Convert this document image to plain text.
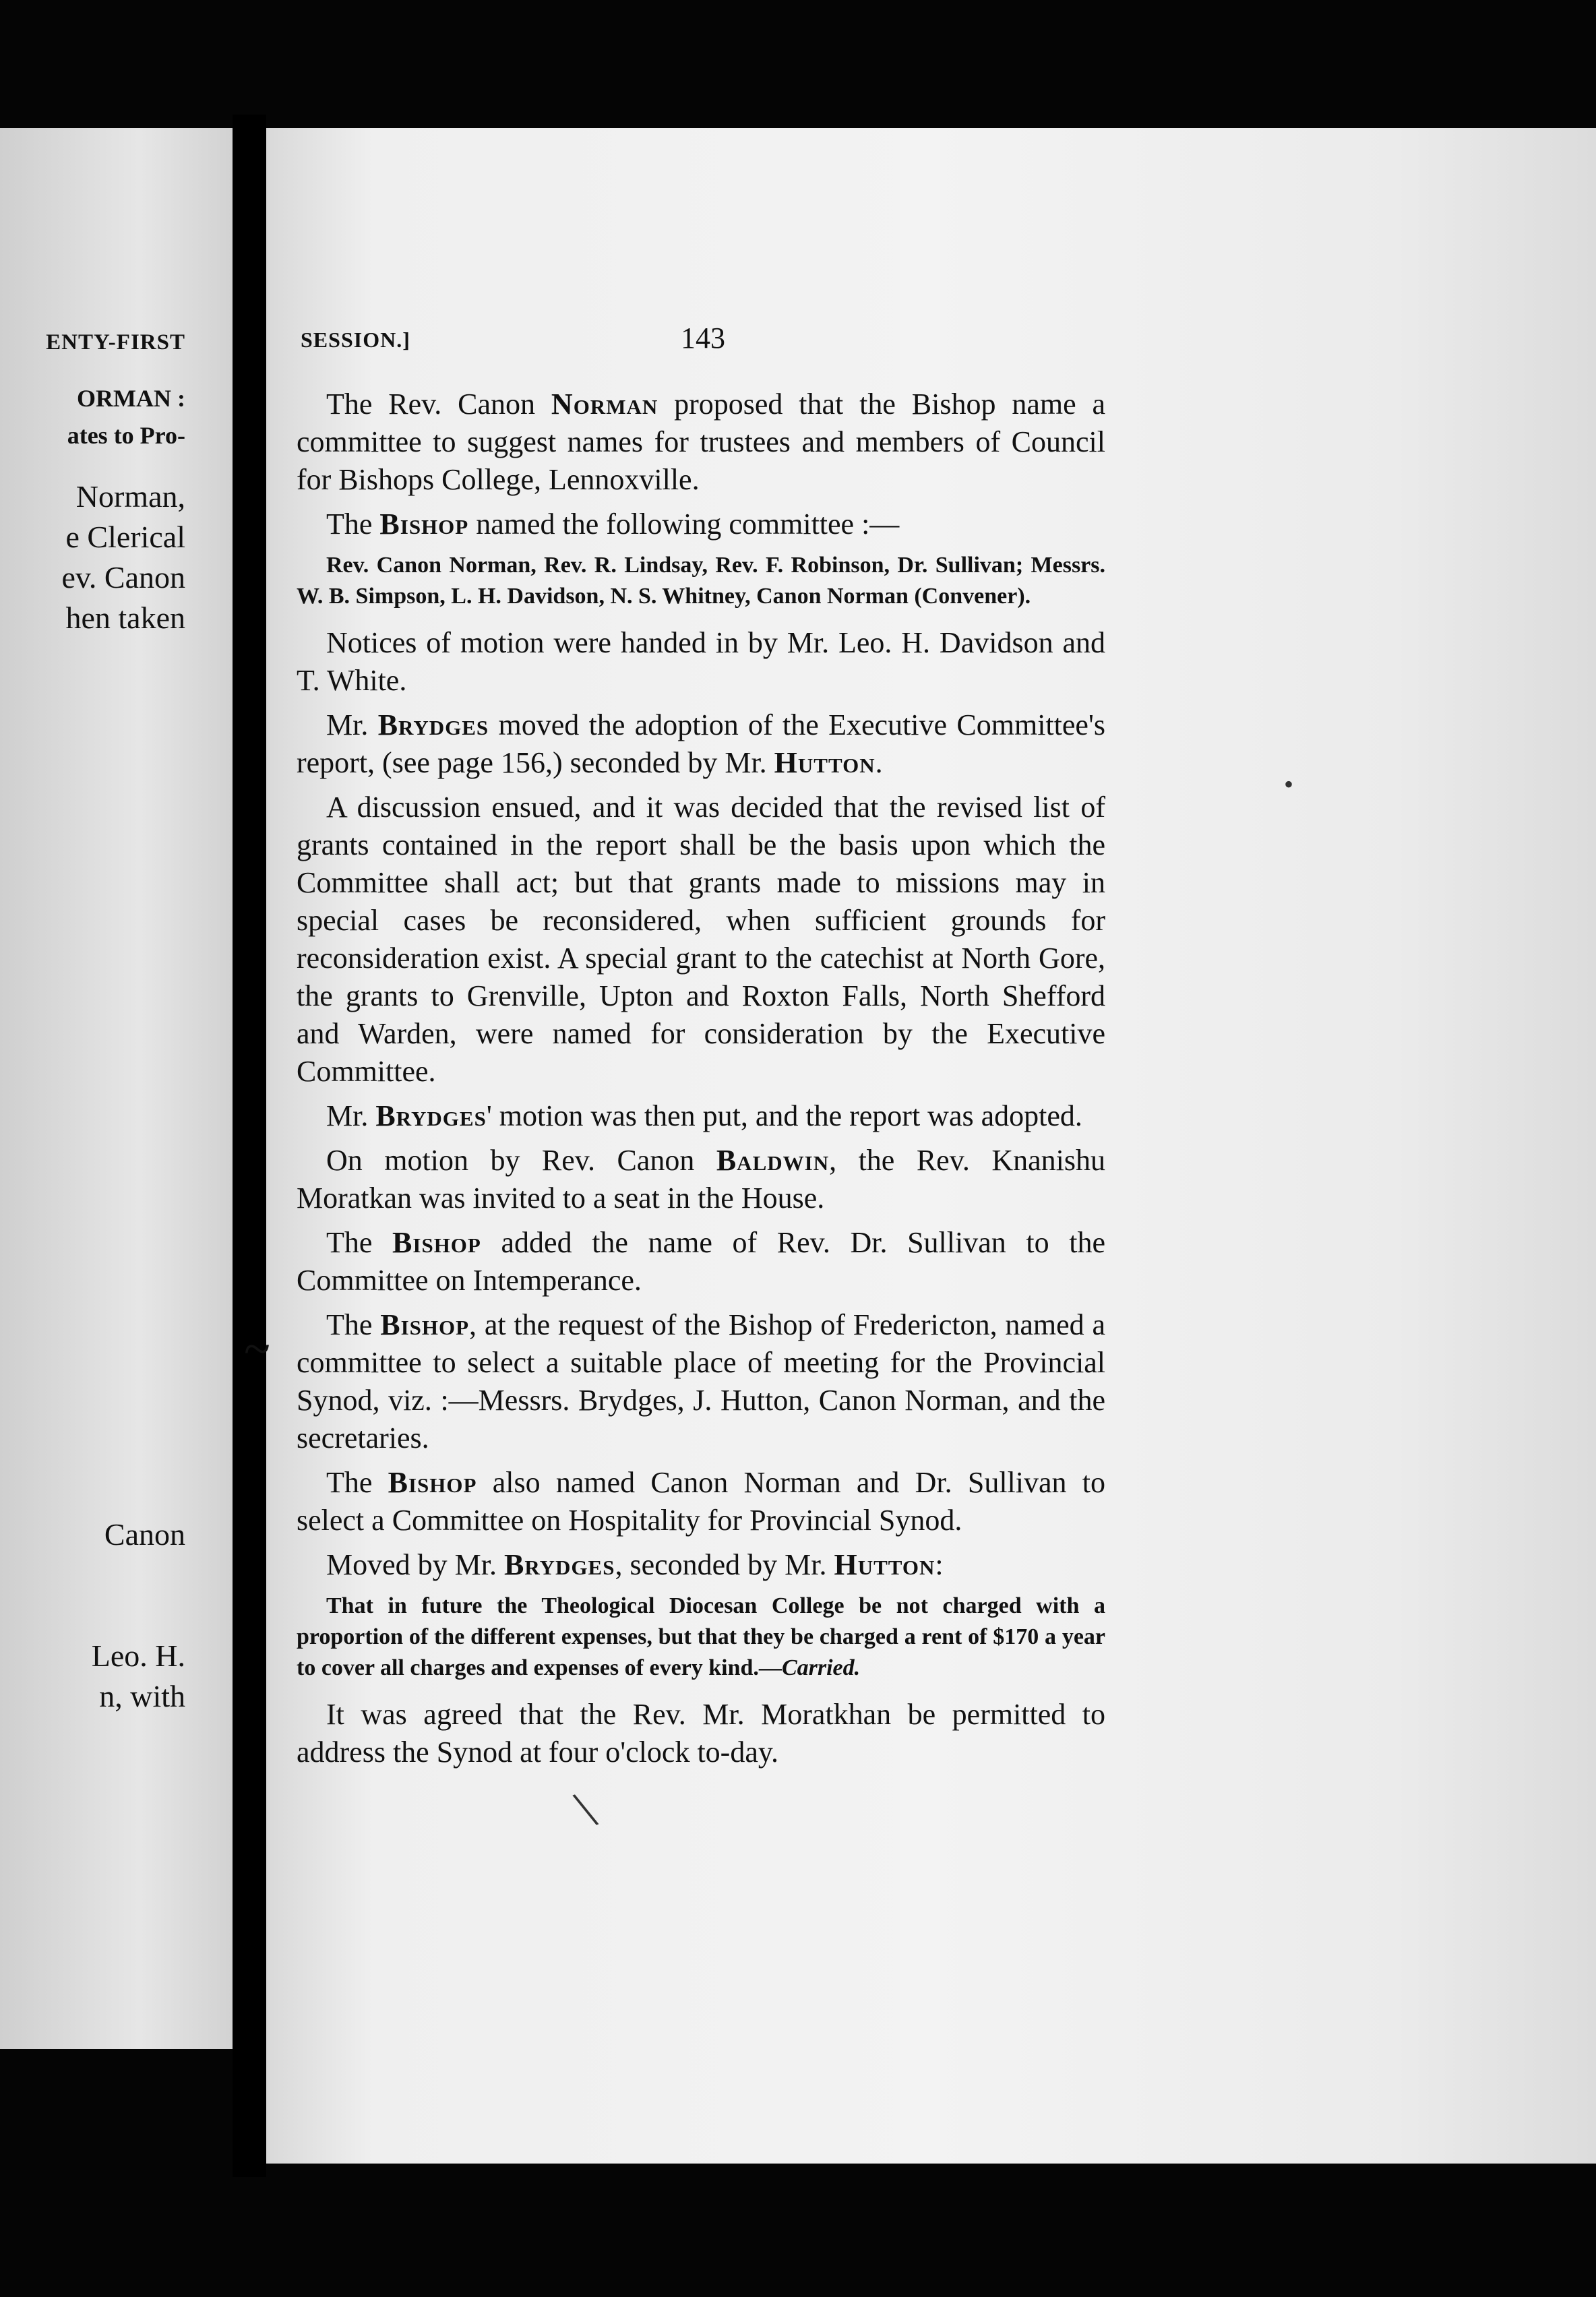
ENTY-FIRST
ORMAN :
ates to Pro-
Norman,
e Clerical
ev. Canon
hen taken
Canon
Leo. H.
n, with
~
•
\
SESSION.]	143

The Rev. Canon Norman proposed that the Bishop name a committee to suggest names for trustees and members of Council for Bishops College, Lennoxville.

The Bishop named the following committee :—

Rev. Canon Norman, Rev. R. Lindsay, Rev. F. Robinson, Dr. Sullivan; Messrs. W. B. Simpson, L. H. Davidson, N. S. Whitney, Canon Norman (Convener).

Notices of motion were handed in by Mr. Leo. H. Davidson and T. White.

Mr. Brydges moved the adoption of the Executive Committee's report, (see page 156,) seconded by Mr. Hutton.

A discussion ensued, and it was decided that the revised list of grants contained in the report shall be the basis upon which the Committee shall act; but that grants made to missions may in special cases be reconsidered, when sufficient grounds for reconsideration exist. A special grant to the catechist at North Gore, the grants to Grenville, Upton and Roxton Falls, North Shefford and Warden, were named for consideration by the Executive Committee.

Mr. Brydges' motion was then put, and the report was adopted.

On motion by Rev. Canon Baldwin, the Rev. Knanishu Moratkan was invited to a seat in the House.

The Bishop added the name of Rev. Dr. Sullivan to the Committee on Intemperance.

The Bishop, at the request of the Bishop of Fredericton, named a committee to select a suitable place of meeting for the Provincial Synod, viz. :—Messrs. Brydges, J. Hutton, Canon Norman, and the secretaries.

The Bishop also named Canon Norman and Dr. Sullivan to select a Committee on Hospitality for Provincial Synod.

Moved by Mr. Brydges, seconded by Mr. Hutton:

That in future the Theological Diocesan College be not charged with a proportion of the different expenses, but that they be charged a rent of $170 a year to cover all charges and expenses of every kind.—Carried.

It was agreed that the Rev. Mr. Moratkhan be permitted to address the Synod at four o'clock to-day.
